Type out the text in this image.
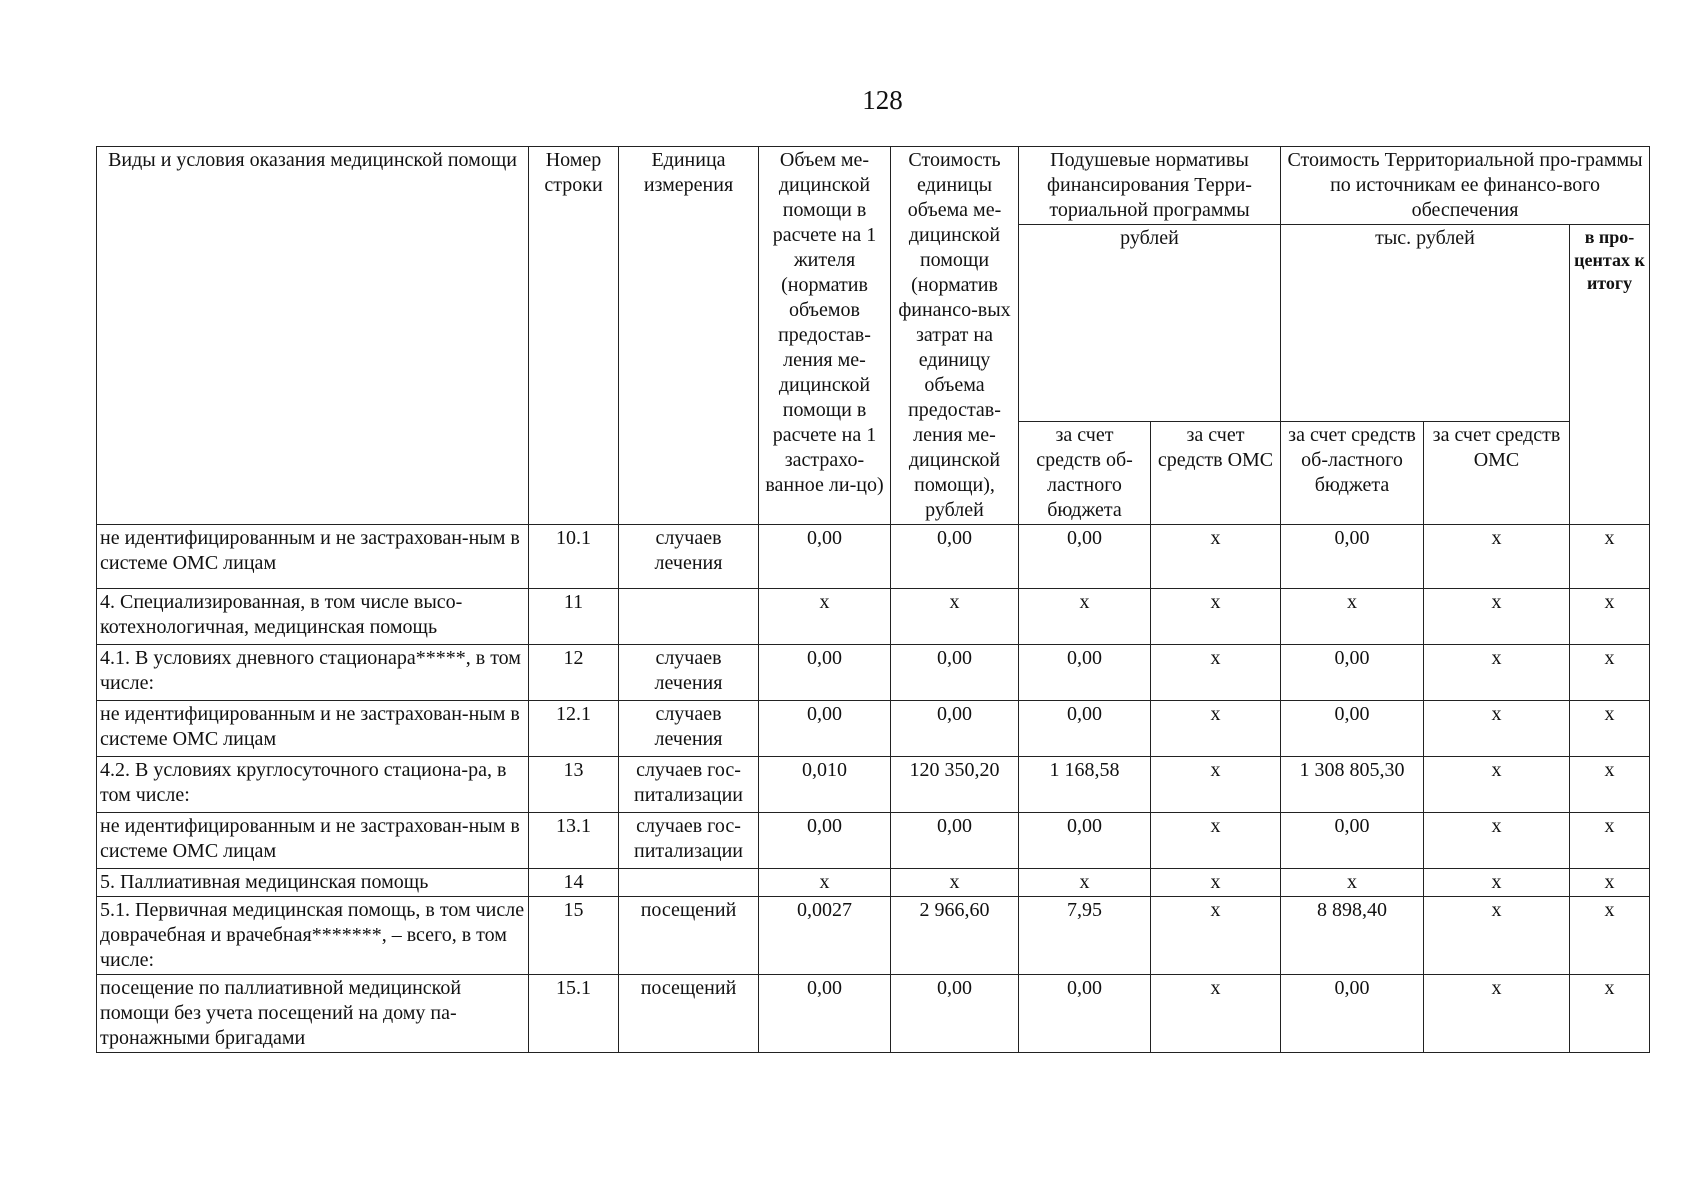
128
Виды и условия оказания медицинской помощи	Номер строки	Единица измерения	Объем ме-дицинской помощи в расчете на 1 жителя (норматив объемов предостав-ления ме-дицинской помощи в расчете на 1 застрахо-ванное ли-цо)	Стоимость единицы объема ме-дицинской помощи (норматив финансо-вых затрат на единицу объема предостав-ления ме-дицинской помощи), рублей	Подушевые нормативы финансирования Терри-ториальной программы		Стоимость Территориальной про-граммы по источникам ее финансо-вого обеспечения		
					рублей		тыс. рублей		в про-центах к итогу
					за счет средств об-ластного бюджета	за счет средств ОМС	за счет средств об-ластного бюджета	за счет средств ОМС	
не идентифицированным и не застрахован-ным в системе ОМС лицам	10.1	случаев лечения	0,00	0,00	0,00	х	0,00	х	х
4. Специализированная, в том числе высо-котехнологичная, медицинская помощь	11		х	х	х	х	х	х	х
4.1. В условиях дневного стационара*****, в том числе:	12	случаев лечения	0,00	0,00	0,00	х	0,00	х	х
не идентифицированным и не застрахован-ным в системе ОМС лицам	12.1	случаев лечения	0,00	0,00	0,00	х	0,00	х	х
4.2. В условиях круглосуточного стациона-ра, в том числе:	13	случаев гос-питализации	0,010	120 350,20	1 168,58	х	1 308 805,30	х	х
не идентифицированным и не застрахован-ным в системе ОМС лицам	13.1	случаев гос-питализации	0,00	0,00	0,00	х	0,00	х	х
5. Паллиативная медицинская помощь	14		х	х	х	х	х	х	х
5.1. Первичная медицинская помощь, в том числе доврачебная и врачебная*******, – всего, в том числе:	15	посещений	0,0027	2 966,60	7,95	х	8 898,40	х	х
посещение по паллиативной медицинской помощи без учета посещений на дому па-тронажными бригадами	15.1	посещений	0,00	0,00	0,00	х	0,00	х	х
